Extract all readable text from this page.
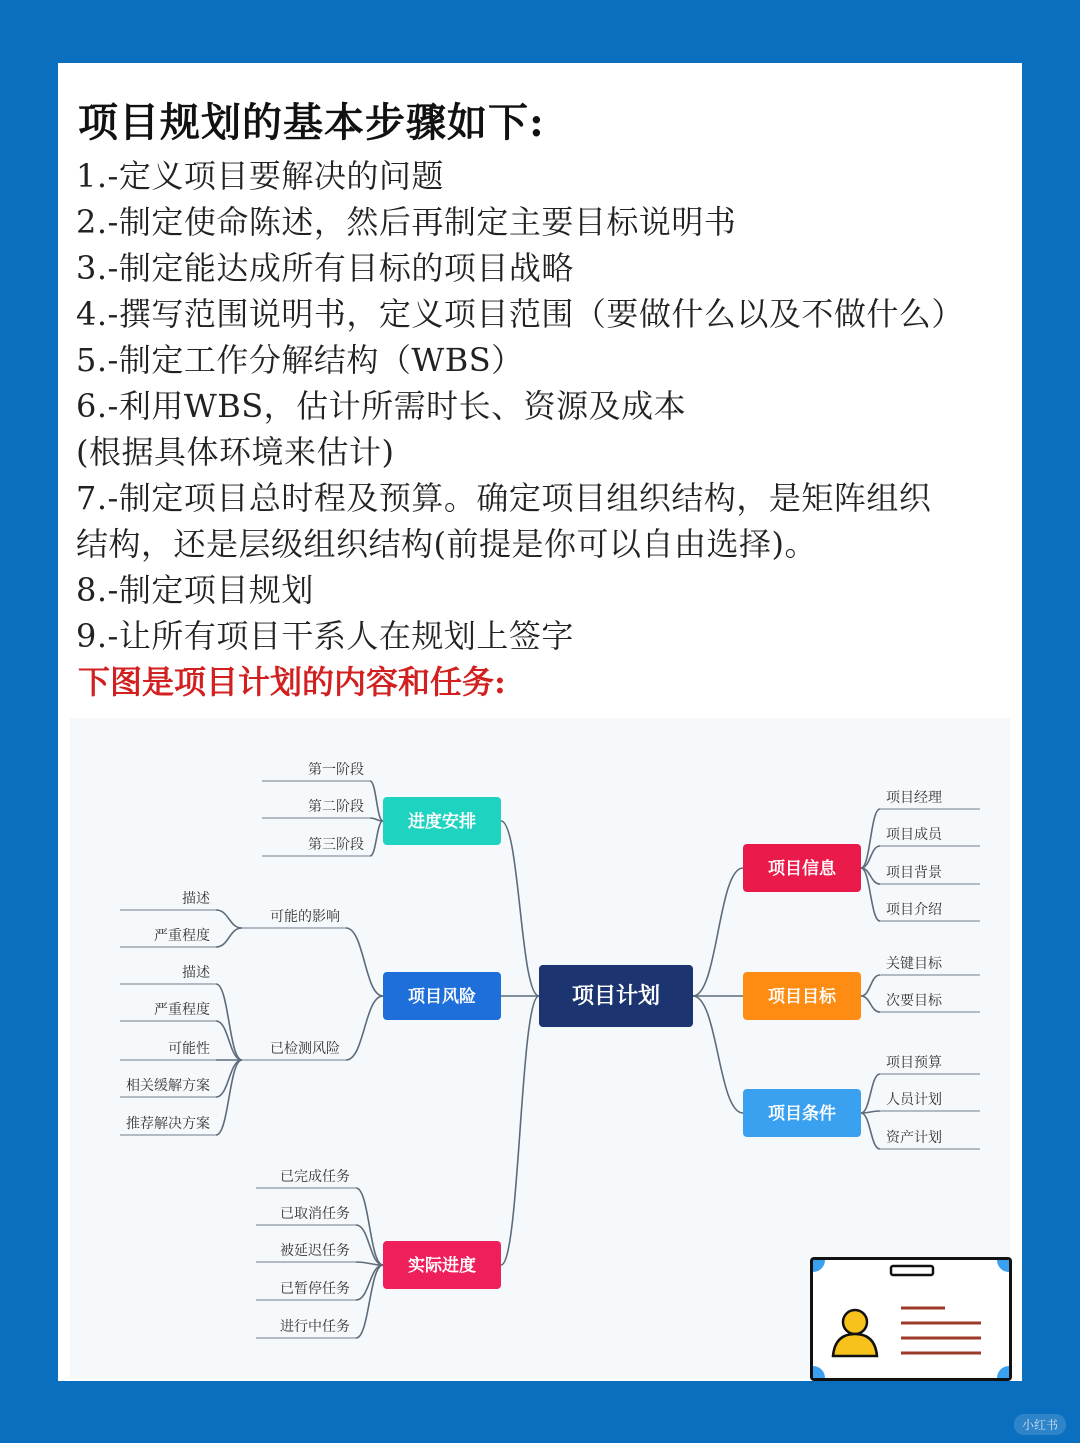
项目规划的基本步骤如下:
1.-定义项目要解决的问题
2.-制定使命陈述，然后再制定主要目标说明书
3.-制定能达成所有目标的项目战略
4.-撰写范围说明书，定义项目范围（要做什么以及不做什么）
5.-制定工作分解结构（WBS）
6.-利用WBS，估计所需时长、资源及成本
(根据具体环境来估计)
7.-制定项目总时程及预算。确定项目组织结构，是矩阵组织
结构，还是层级组织结构(前提是你可以自由选择)。
8.-制定项目规划
9.-让所有项目干系人在规划上签字
下图是项目计划的内容和任务:
第一阶段
第二阶段
第三阶段
可能的影响
描述
严重程度
已检测风险
描述
严重程度
可能性
相关缓解方案
推荐解决方案
已完成任务
已取消任务
被延迟任务
已暂停任务
进行中任务
项目经理
项目成员
项目背景
项目介绍
关键目标
次要目标
项目预算
人员计划
资产计划
进度安排
项目风险
实际进度
项目信息
项目目标
项目条件
项目计划
小红书
